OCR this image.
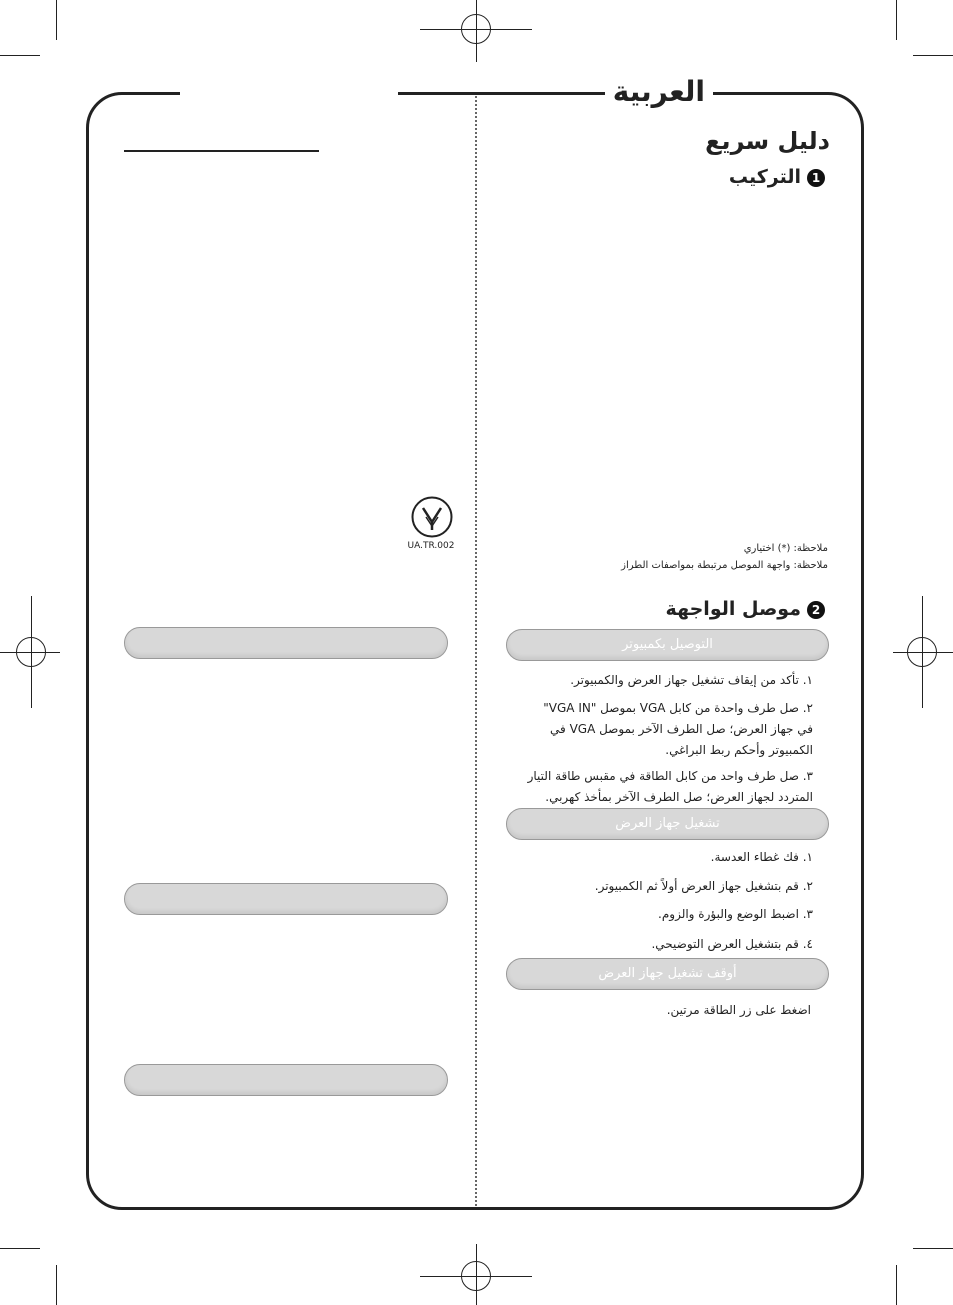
العربية
UA.TR.002
دليل سريع
1التركيب
ملاحظة: (*) اختياري
ملاحظة: واجهة الموصل مرتبطة بمواصفات الطراز
2موصل الواجهة
التوصيل بكمبيوتر
١. تأكد من إيقاف تشغيل جهاز العرض والكمبيوتر.
٢. صل طرف واحدة من كابل VGA بموصل "VGA IN" في جهاز العرض؛ صل الطرف الآخر بموصل VGA في الكمبيوتر وأحكم ربط البراغي.
٣. صل طرف واحد من كابل الطاقة في مقبس طاقة التيار المتردد لجهاز العرض؛ صل الطرف الآخر بمأخذ كهربي.
تشغيل جهاز العرض
١. فك غطاء العدسة.
٢. قم بتشغيل جهاز العرض أولاً ثم الكمبيوتر.
٣. اضبط الوضع والبؤرة والزوم.
٤. قم بتشغيل العرض التوضيحي.
أوقف تشغيل جهاز العرض
اضغط على زر الطاقة مرتين.
